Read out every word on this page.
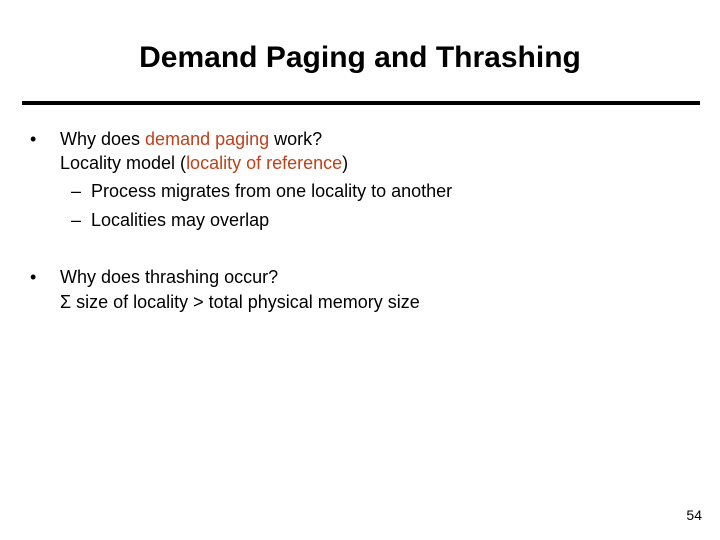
Demand Paging and Thrashing
• Why does demand paging work?
Locality model (locality of reference)
– Process migrates from one locality to another
– Localities may overlap
• Why does thrashing occur?
Σ size of locality > total physical memory size
54
